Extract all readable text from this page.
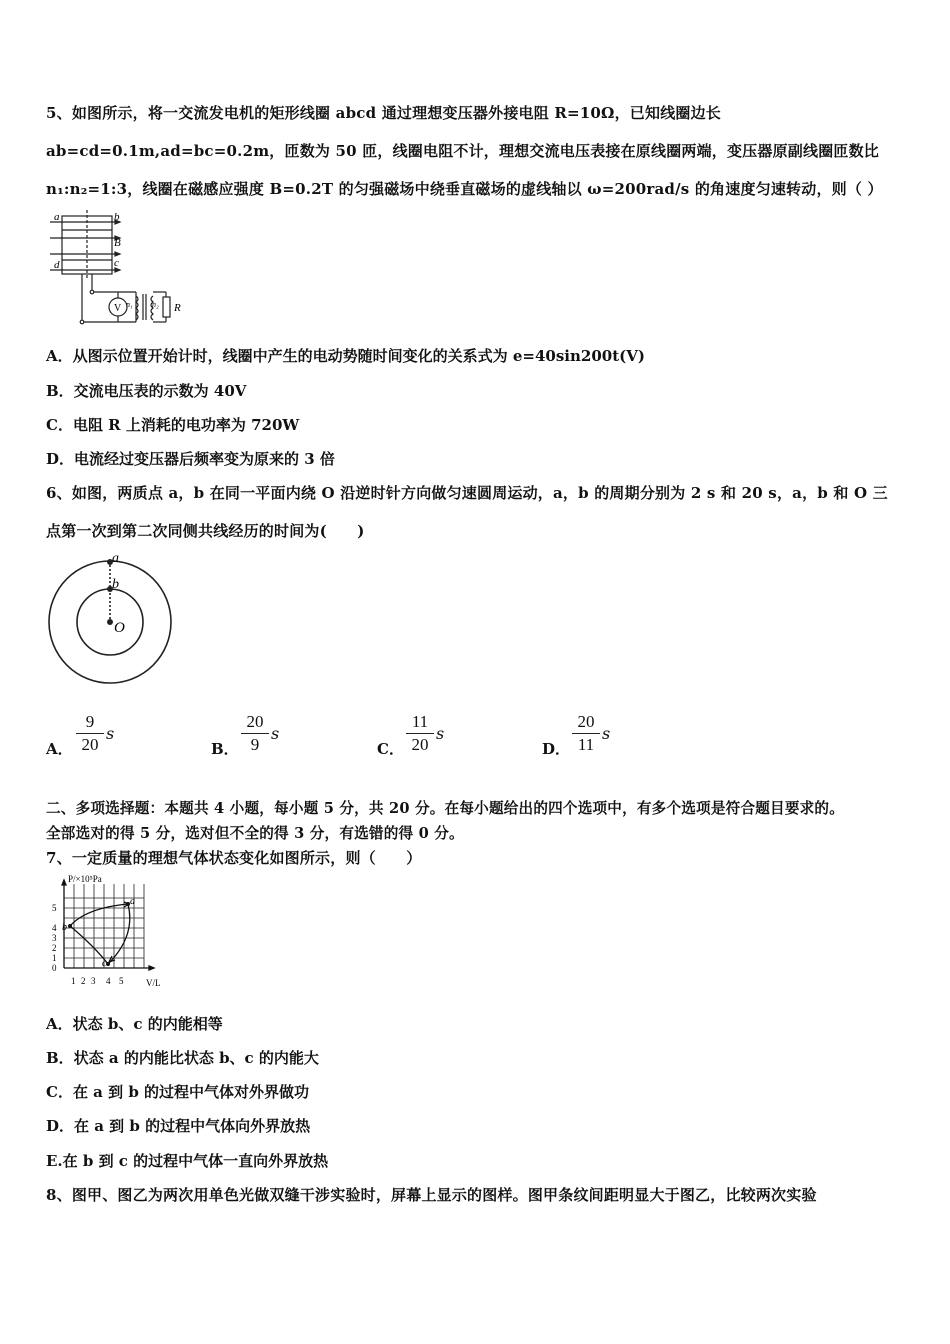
5、如图所示，将一交流发电机的矩形线圈 abcd 通过理想变压器外接电阻 R=10Ω，已知线圈边长
ab=cd=0.1m,ad=bc=0.2m，匝数为 50 匝，线圈电阻不计，理想交流电压表接在原线圈两端，变压器原副线圈匝数比
n₁:n₂=1:3，线圈在磁感应强度 B=0.2T 的匀强磁场中绕垂直磁场的虚线轴以 ω=200rad/s 的角速度匀速转动，则（ ）
a	b
B
d	c
V n₁ n₂ R
A．从图示位置开始计时，线圈中产生的电动势随时间变化的关系式为 e=40sin200t(V)
B．交流电压表的示数为 40V
C．电阻 R 上消耗的电功率为 720W
D．电流经过变压器后频率变为原来的 3 倍
6、如图，两质点 a，b 在同一平面内绕 O 沿逆时针方向做匀速圆周运动，a，b 的周期分别为 2 s 和 20 s，a，b 和 O 三
点第一次到第二次同侧共线经历的时间为(　　)
a
b
O
A．
9
20
s
B．
20
9
s
C．
11
20
s
D．
20
11
s
二、多项选择题：本题共 4 小题，每小题 5 分，共 20 分。在每小题给出的四个选项中，有多个选项是符合题目要求的。
全部选对的得 5 分，选对但不全的得 3 分，有选错的得 0 分。
7、一定质量的理想气体状态变化如图所示，则（　　）
P/×10⁵Pa
V/L
0
1
2
3
4
5
1 2 3 4 5
a
b
c
A．状态 b、c 的内能相等
B．状态 a 的内能比状态 b、c 的内能大
C．在 a 到 b 的过程中气体对外界做功
D．在 a 到 b 的过程中气体向外界放热
E.在 b 到 c 的过程中气体一直向外界放热
8、图甲、图乙为两次用单色光做双缝干涉实验时，屏幕上显示的图样。图甲条纹间距明显大于图乙，比较两次实验
